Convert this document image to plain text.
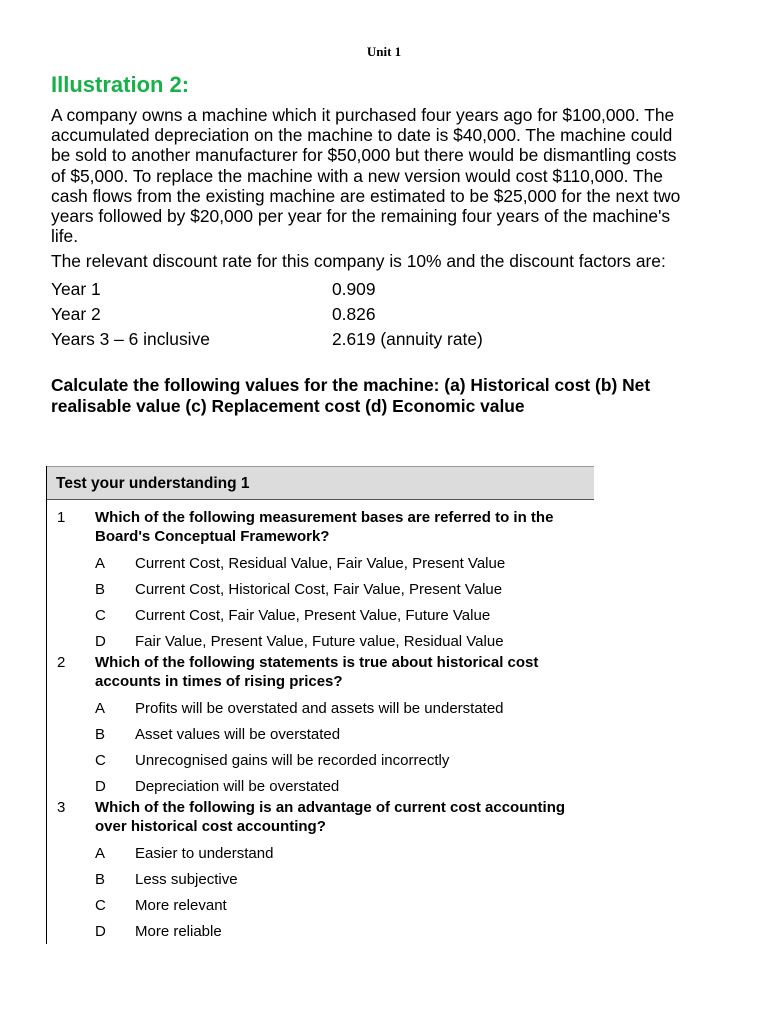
Unit 1
Illustration 2:

A company owns a machine which it purchased four years ago for $100,000. The accumulated depreciation on the machine to date is $40,000. The machine could be sold to another manufacturer for $50,000 but there would be dismantling costs of $5,000. To replace the machine with a new version would cost $110,000. The cash flows from the existing machine are estimated to be $25,000 for the next two years followed by $20,000 per year for the remaining four years of the machine's life.

The relevant discount rate for this company is 10% and the discount factors are:

Year 1	0.909
Year 2	0.826
Years 3 – 6 inclusive	2.619 (annuity rate)
Calculate the following values for the machine: (a) Historical cost (b) Net realisable value (c) Replacement cost (d) Economic value
Test your understanding 1
1	Which of the following measurement bases are referred to in the Board's Conceptual Framework?
A	Current Cost, Residual Value, Fair Value, Present Value
B	Current Cost, Historical Cost, Fair Value, Present Value
C	Current Cost, Fair Value, Present Value, Future Value
D	Fair Value, Present Value, Future value, Residual Value
2	Which of the following statements is true about historical cost accounts in times of rising prices?
A	Profits will be overstated and assets will be understated
B	Asset values will be overstated
C	Unrecognised gains will be recorded incorrectly
D	Depreciation will be overstated
3	Which of the following is an advantage of current cost accounting over historical cost accounting?
A	Easier to understand
B	Less subjective
C	More relevant
D	More reliable
